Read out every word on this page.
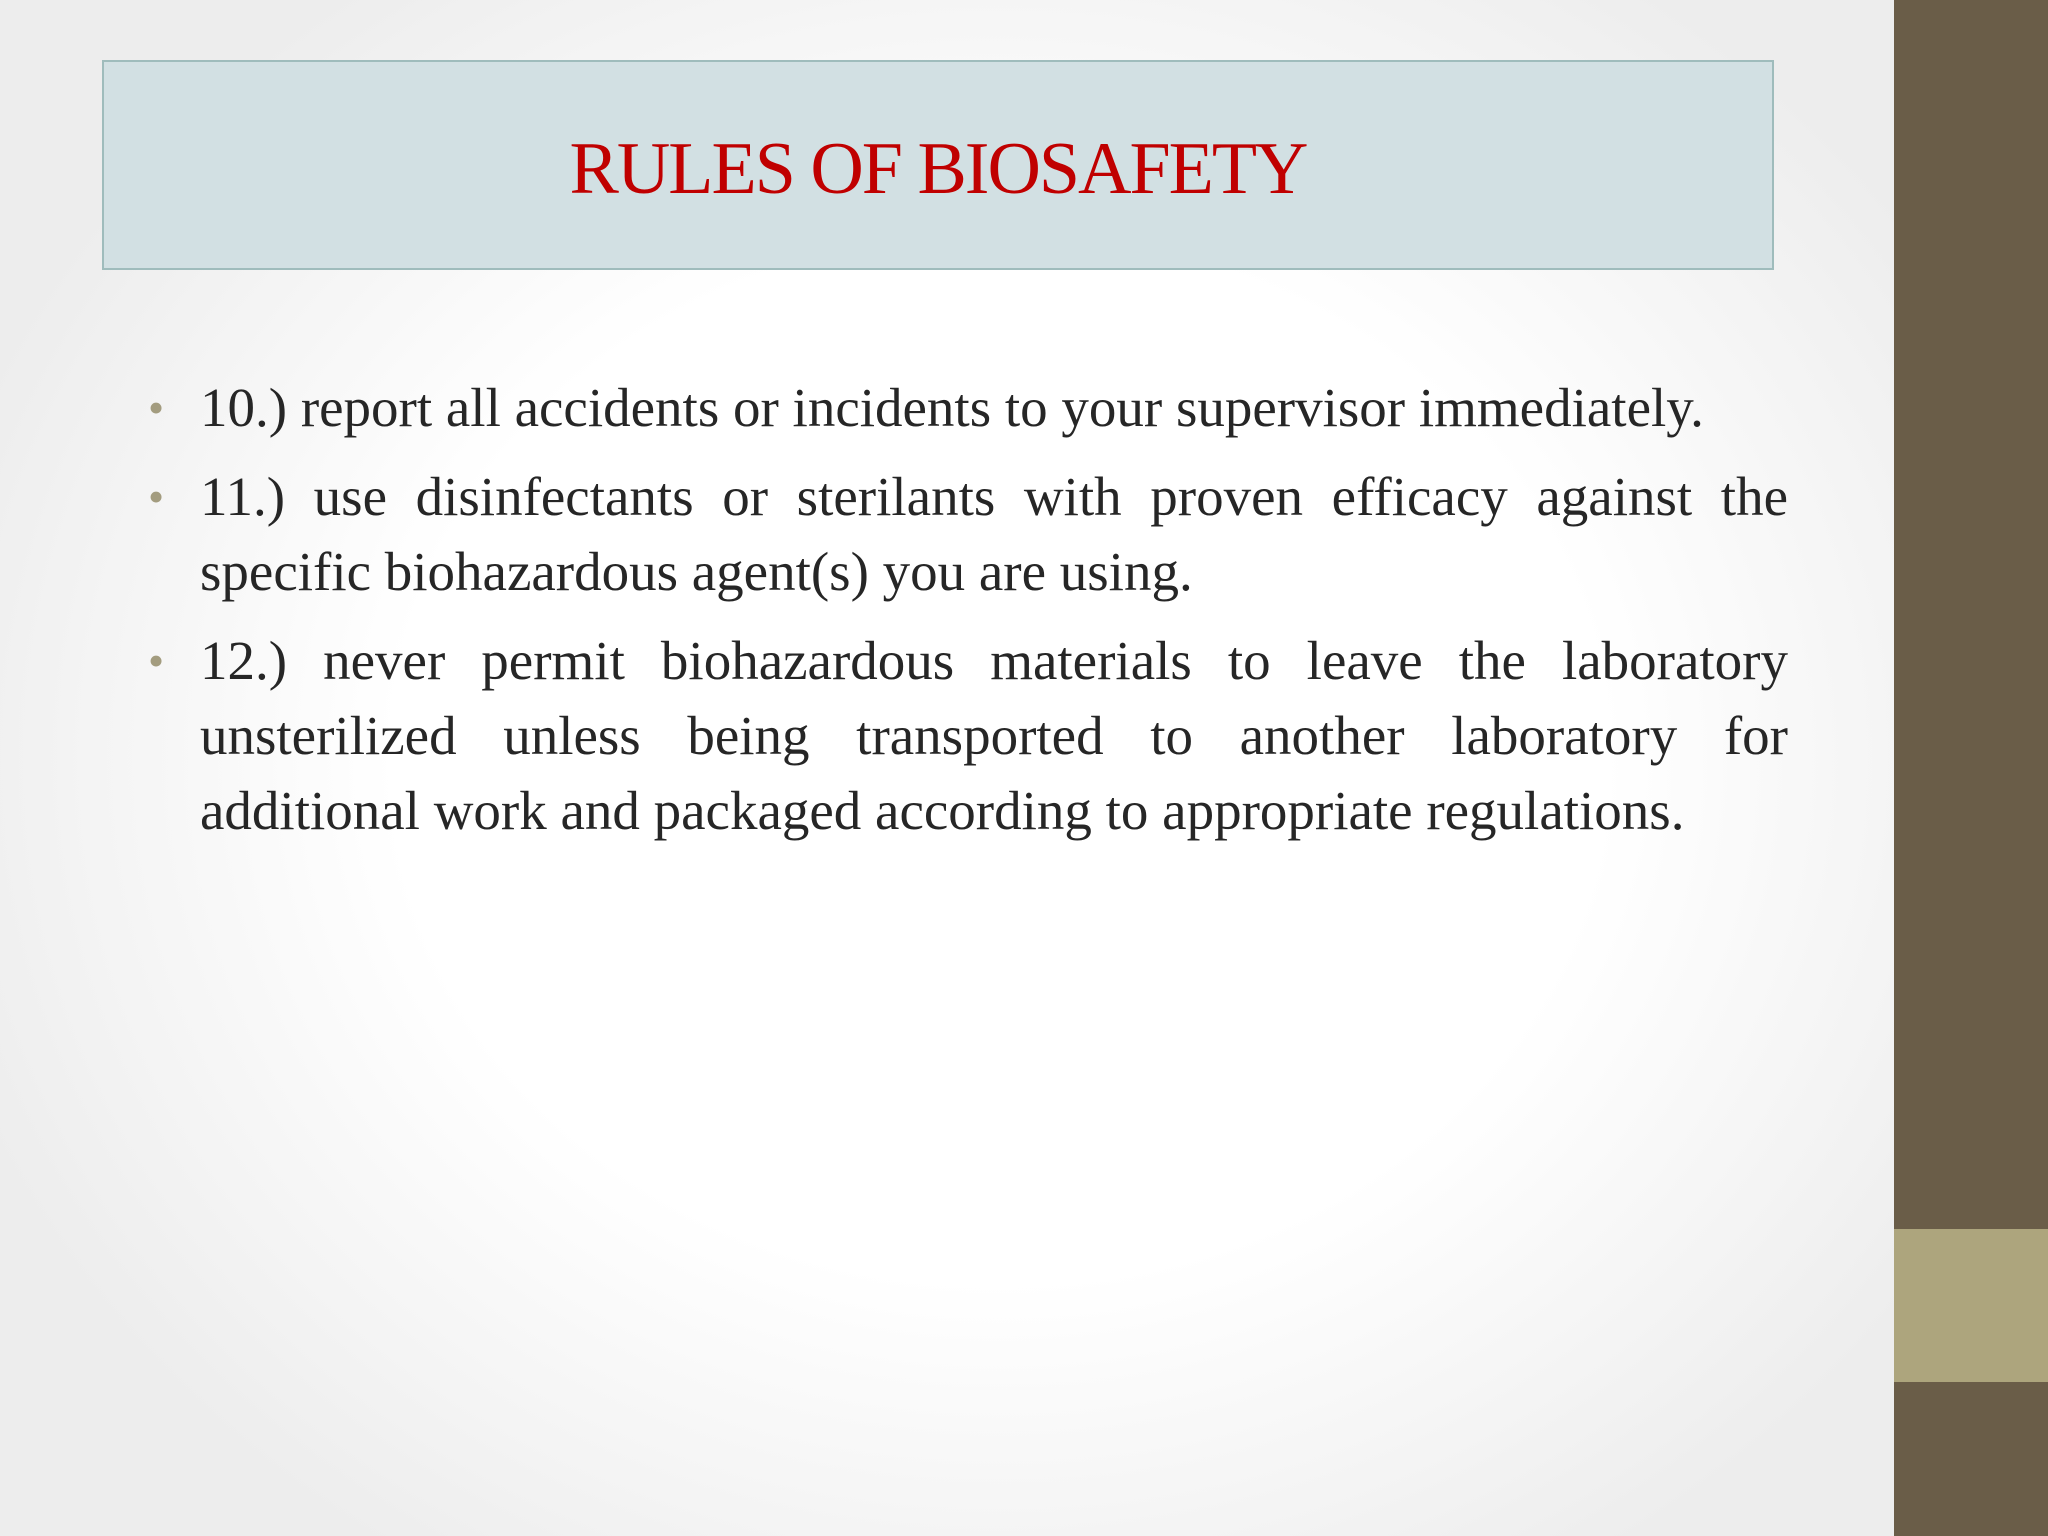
RULES OF BIOSAFETY
• 10.) report all accidents or incidents to your supervisor immediately.
• 11.) use disinfectants or sterilants with proven efficacy against the specific biohazardous agent(s) you are using.
• 12.) never permit biohazardous materials to leave the laboratory unsterilized unless being transported to another laboratory for additional work and packaged according to appropriate regulations.
